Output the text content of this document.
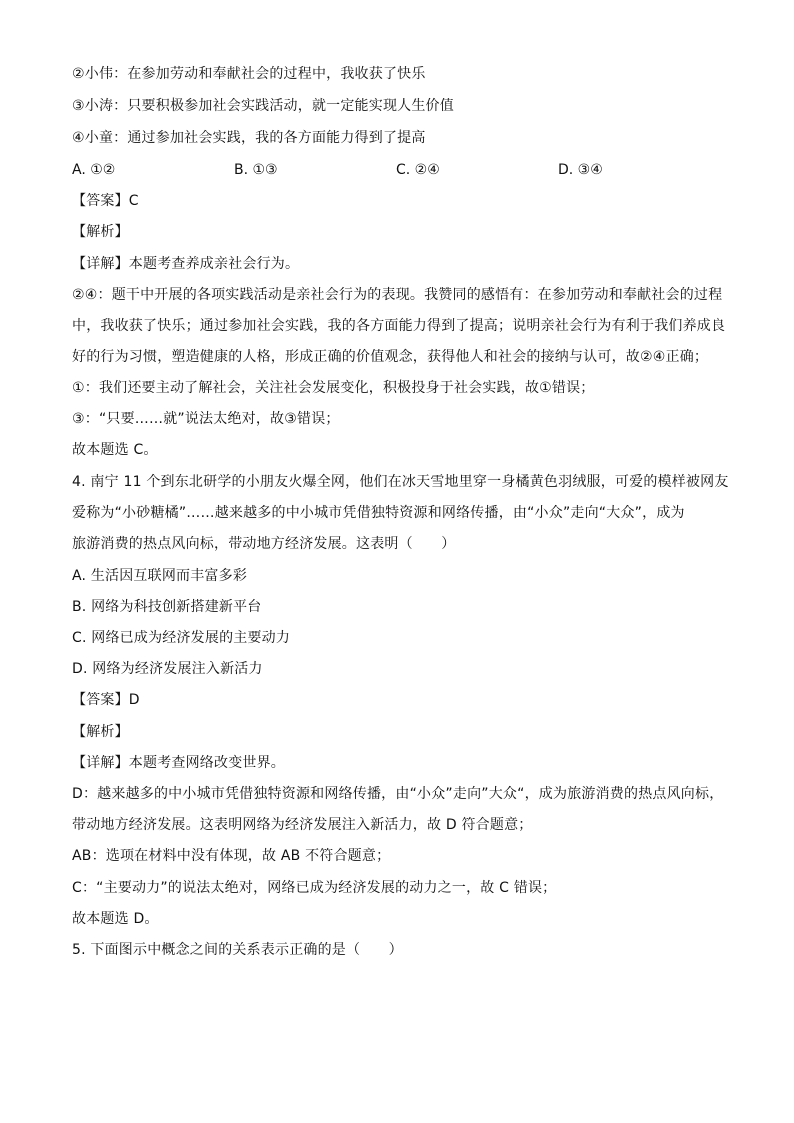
②小伟：在参加劳动和奉献社会的过程中，我收获了快乐
③小涛：只要积极参加社会实践活动，就一定能实现人生价值
④小童：通过参加社会实践，我的各方面能力得到了提高
A. ①②	B. ①③	C. ②④	D. ③④
【答案】C
【解析】
【详解】本题考查养成亲社会行为。
②④：题干中开展的各项实践活动是亲社会行为的表现。我赞同的感悟有：在参加劳动和奉献社会的过程
中，我收获了快乐；通过参加社会实践，我的各方面能力得到了提高；说明亲社会行为有利于我们养成良
好的行为习惯，塑造健康的人格，形成正确的价值观念，获得他人和社会的接纳与认可，故②④正确；
①：我们还要主动了解社会，关注社会发展变化，积极投身于社会实践，故①错误；
③：“只要……就”说法太绝对，故③错误；
故本题选 C。
4. 南宁 11 个到东北研学的小朋友火爆全网，他们在冰天雪地里穿一身橘黄色羽绒服，可爱的模样被网友
爱称为“小砂糖橘”……越来越多的中小城市凭借独特资源和网络传播，由“小众”走向“大众”，成为
旅游消费的热点风向标，带动地方经济发展。这表明（　　）
A. 生活因互联网而丰富多彩
B. 网络为科技创新搭建新平台
C. 网络已成为经济发展的主要动力
D. 网络为经济发展注入新活力
【答案】D
【解析】
【详解】本题考查网络改变世界。
D：越来越多的中小城市凭借独特资源和网络传播，由“小众”走向”大众“，成为旅游消费的热点风向标，
带动地方经济发展。这表明网络为经济发展注入新活力，故 D 符合题意；
AB：选项在材料中没有体现，故 AB 不符合题意；
C：“主要动力”的说法太绝对，网络已成为经济发展的动力之一，故 C 错误；
故本题选 D。
5. 下面图示中概念之间的关系表示正确的是（　　）
